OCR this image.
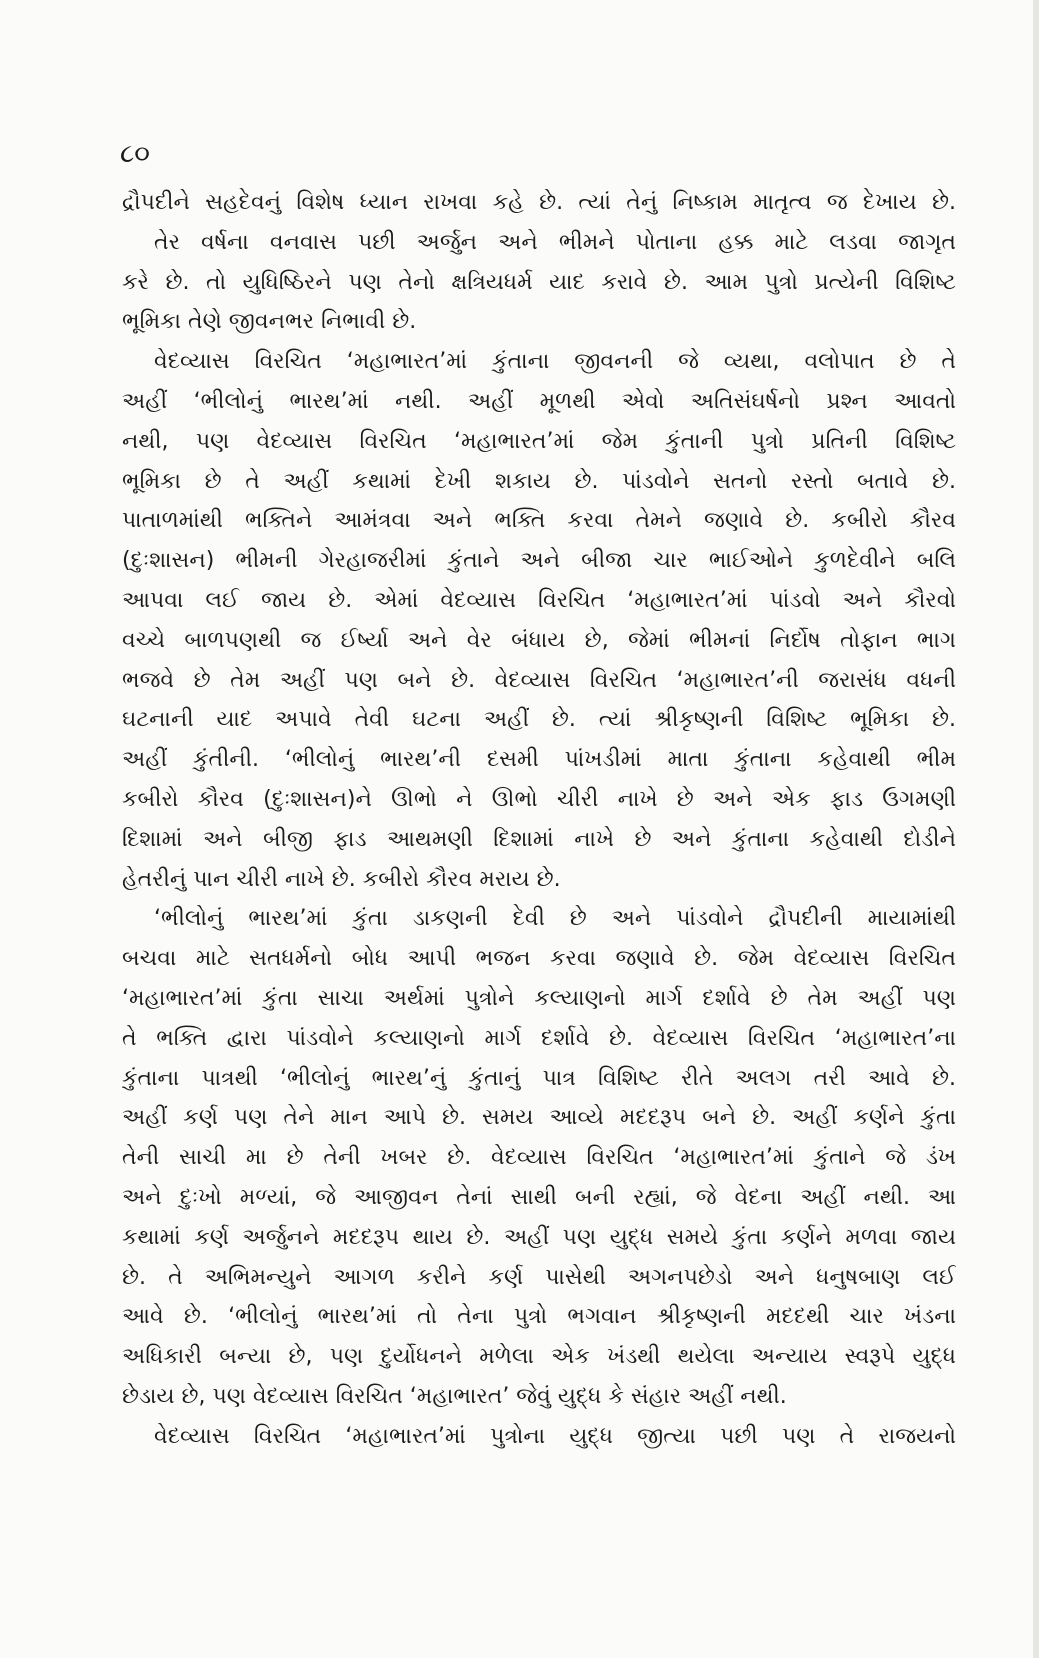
૮૦
દ્રૌપદીને સહદેવનું વિશેષ ધ્યાન રાખવા કહે છે. ત્યાં તેનું નિષ્કામ માતૃત્વ જ દેખાય છે.
તેર વર્ષના વનવાસ પછી અર્જુન અને ભીમને પોતાના હક્ક માટે લડવા જાગૃત
કરે છે. તો યુધિષ્ઠિરને પણ તેનો ક્ષત્રિયધર્મ યાદ કરાવે છે. આમ પુત્રો પ્રત્યેની વિશિષ્ટ
ભૂમિકા તેણે જીવનભર નિભાવી છે.
વેદવ્યાસ વિરચિત ‘મહાભારત’માં કુંતાના જીવનની જે વ્યથા, વલોપાત છે તે
અહીં ‘ભીલોનું ભારથ’માં નથી. અહીં મૂળથી એવો અતિસંઘર્ષનો પ્રશ્ન આવતો
નથી, પણ વેદવ્યાસ વિરચિત ‘મહાભારત’માં જેમ કુંતાની પુત્રો પ્રતિની વિશિષ્ટ
ભૂમિકા છે તે અહીં કથામાં દેખી શકાય છે. પાંડવોને સતનો રસ્તો બતાવે છે.
પાતાળમાંથી ભક્તિને આમંત્રવા અને ભક્તિ કરવા તેમને જણાવે છે. કબીરો કૌરવ
(દુઃશાસન) ભીમની ગેરહાજરીમાં કુંતાને અને બીજા ચાર ભાઈઓને કુળદેવીને બલિ
આપવા લઈ જાય છે. એમાં વેદવ્યાસ વિરચિત ‘મહાભારત’માં પાંડવો અને કૌરવો
વચ્ચે બાળપણથી જ ઈર્ષ્યા અને વેર બંધાય છે, જેમાં ભીમનાં નિર્દોષ તોફાન ભાગ
ભજવે છે તેમ અહીં પણ બને છે. વેદવ્યાસ વિરચિત ‘મહાભારત’ની જરાસંધ વધની
ઘટનાની યાદ અપાવે તેવી ઘટના અહીં છે. ત્યાં શ્રીકૃષ્ણની વિશિષ્ટ ભૂમિકા છે.
અહીં કુંતીની. ‘ભીલોનું ભારથ’ની દસમી પાંખડીમાં માતા કુંતાના કહેવાથી ભીમ
કબીરો કૌરવ (દુઃશાસન)ને ઊભો ને ઊભો ચીરી નાખે છે અને એક ફાડ ઉગમણી
દિશામાં અને બીજી ફાડ આથમણી દિશામાં નાખે છે અને કુંતાના કહેવાથી દોડીને
હેતરીનું પાન ચીરી નાખે છે. કબીરો કૌરવ મરાય છે.
‘ભીલોનું ભારથ’માં કુંતા ડાકણની દેવી છે અને પાંડવોને દ્રૌપદીની માયામાંથી
બચવા માટે સતધર્મનો બોધ આપી ભજન કરવા જણાવે છે. જેમ વેદવ્યાસ વિરચિત
‘મહાભારત’માં કુંતા સાચા અર્થમાં પુત્રોને કલ્યાણનો માર્ગ દર્શાવે છે તેમ અહીં પણ
તે ભક્તિ દ્વારા પાંડવોને કલ્યાણનો માર્ગ દર્શાવે છે. વેદવ્યાસ વિરચિત ‘મહાભારત’ના
કુંતાના પાત્રથી ‘ભીલોનું ભારથ’નું કુંતાનું પાત્ર વિશિષ્ટ રીતે અલગ તરી આવે છે.
અહીં કર્ણ પણ તેને માન આપે છે. સમય આવ્યે મદદરૂપ બને છે. અહીં કર્ણને કુંતા
તેની સાચી મા છે તેની ખબર છે. વેદવ્યાસ વિરચિત ‘મહાભારત’માં કુંતાને જે ડંખ
અને દુઃખો મળ્યાં, જે આજીવન તેનાં સાથી બની રહ્યાં, જે વેદના અહીં નથી. આ
કથામાં કર્ણ અર્જુનને મદદરૂપ થાય છે. અહીં પણ યુદ્ધ સમયે કુંતા કર્ણને મળવા જાય
છે. તે અભિમન્યુને આગળ કરીને કર્ણ પાસેથી અગનપછેડો અને ધનુષબાણ લઈ
આવે છે. ‘ભીલોનું ભારથ’માં તો તેના પુત્રો ભગવાન શ્રીકૃષ્ણની મદદથી ચાર ખંડના
અધિકારી બન્યા છે, પણ દુર્યોધનને મળેલા એક ખંડથી થયેલા અન્યાય સ્વરૂપે યુદ્ધ
છેડાય છે, પણ વેદવ્યાસ વિરચિત ‘મહાભારત’ જેવું યુદ્ધ કે સંહાર અહીં નથી.
વેદવ્યાસ વિરચિત ‘મહાભારત’માં પુત્રોના યુદ્ધ જીત્યા પછી પણ તે રાજયનો
